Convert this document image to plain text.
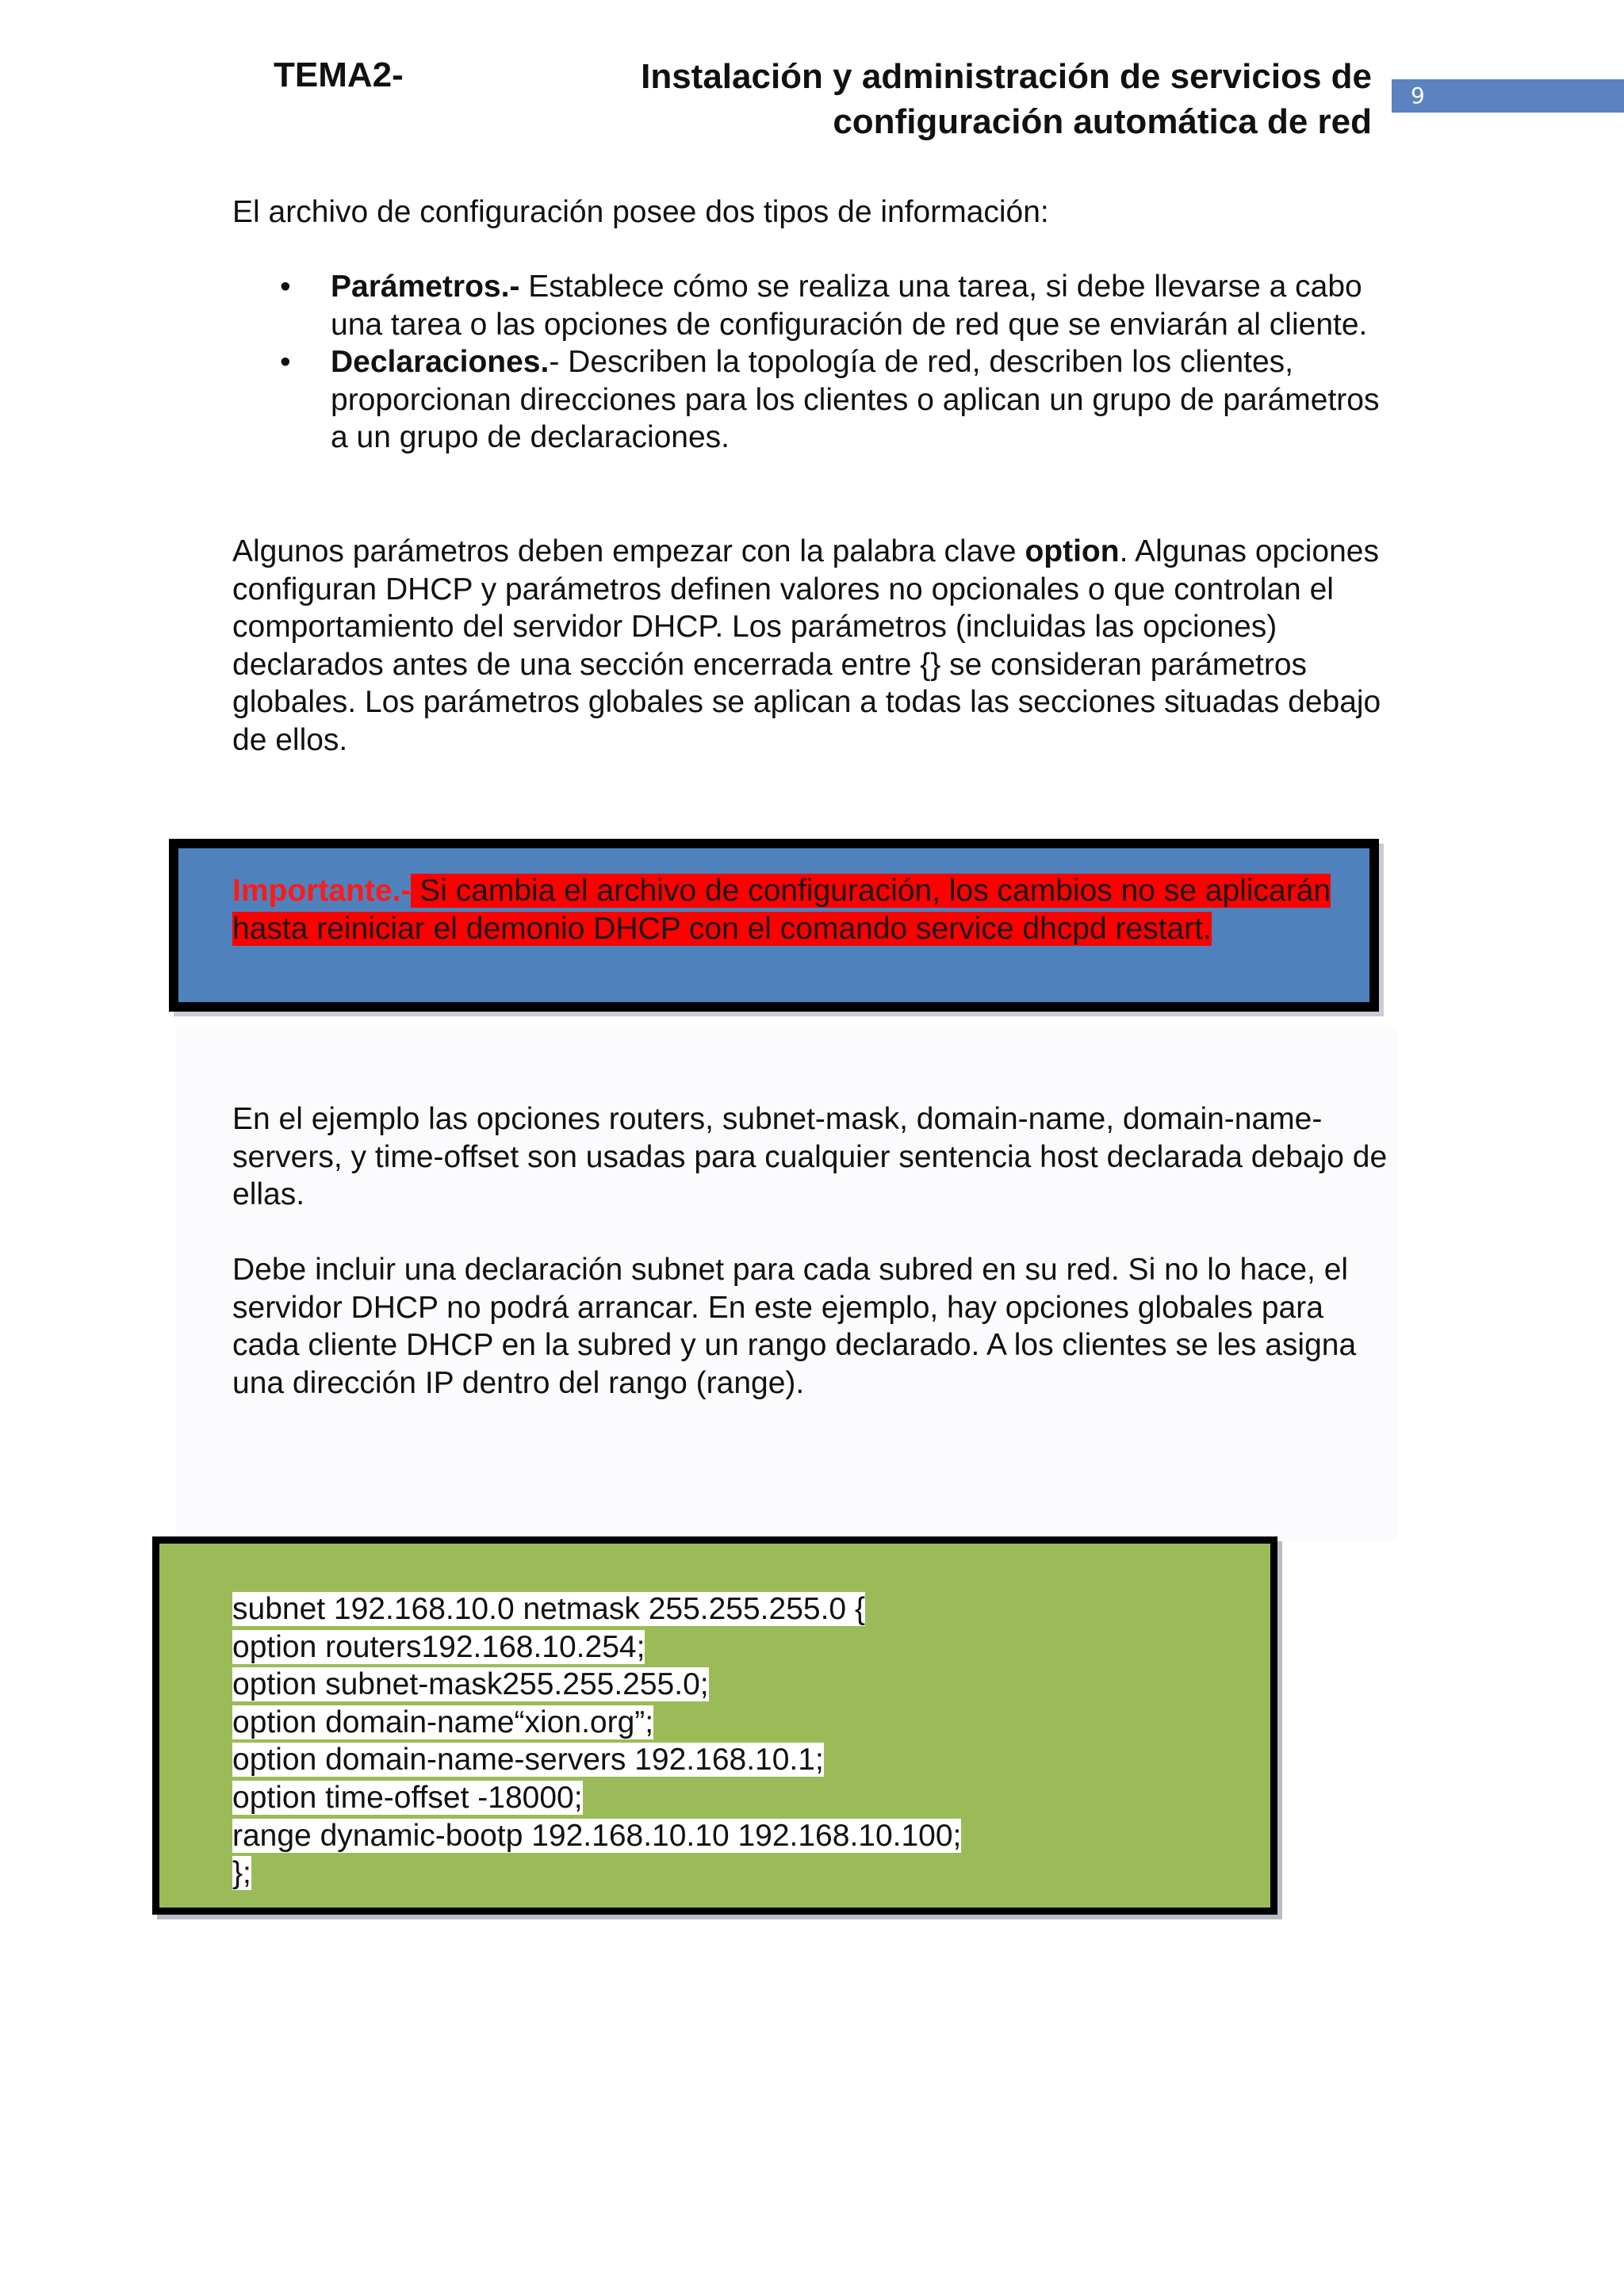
TEMA2-	Instalación y administración de servicios de
configuración automática de red
9
El archivo de configuración posee dos tipos de información:
•	Parámetros.- Establece cómo se realiza una tarea, si debe llevarse a cabo una tarea o las opciones de configuración de red que se enviarán al cliente.
•	Declaraciones.- Describen la topología de red, describen los clientes, proporcionan direcciones para los clientes o aplican un grupo de parámetros a un grupo de declaraciones.
Algunos parámetros deben empezar con la palabra clave option. Algunas opciones configuran DHCP y parámetros definen valores no opcionales o que controlan el comportamiento del servidor DHCP. Los parámetros (incluidas las opciones) declarados antes de una sección encerrada entre {} se consideran parámetros globales. Los parámetros globales se aplican a todas las secciones situadas debajo de ellos.
Importante.- Si cambia el archivo de configuración, los cambios no se aplicarán hasta reiniciar el demonio DHCP con el comando service dhcpd restart.
En el ejemplo las opciones routers, subnet-mask, domain-name, domain-name-servers, y time-offset son usadas para cualquier sentencia host declarada debajo de ellas.
Debe incluir una declaración subnet para cada subred en su red. Si no lo hace, el servidor DHCP no podrá arrancar. En este ejemplo, hay opciones globales para cada cliente DHCP en la subred y un rango declarado. A los clientes se les asigna una dirección IP dentro del rango (range).
subnet 192.168.10.0 netmask 255.255.255.0 {
option routers192.168.10.254;
option subnet-mask255.255.255.0;
option domain-name“xion.org”;
option domain-name-servers 192.168.10.1;
option time-offset -18000;
range dynamic-bootp 192.168.10.10 192.168.10.100;
};
